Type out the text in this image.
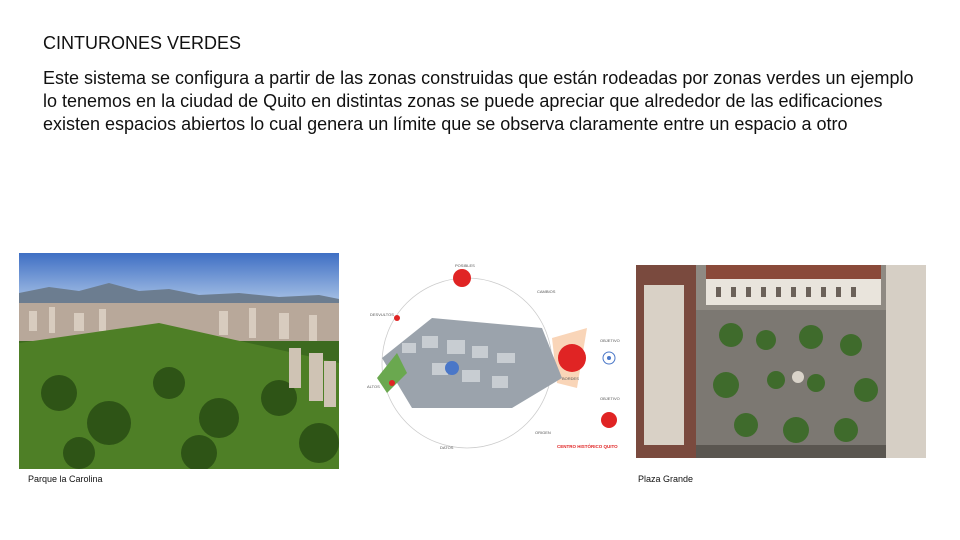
CINTURONES VERDES

Este sistema se configura a partir de las zonas construidas que están rodeadas por zonas verdes un ejemplo lo tenemos en la ciudad de Quito en distintas zonas se puede apreciar que alrededor de las edificaciones existen espacios abiertos lo cual genera un límite que se observa claramente entre un espacio a otro

POSIBLES
CAMBIOS
DESVULTOS
ALTOS
BORDES
DATOS
ORIGEN
OBJETIVO
OBJETIVO
CENTRO HISTÓRICO QUITO
Parque la Carolina	Plaza Grande
